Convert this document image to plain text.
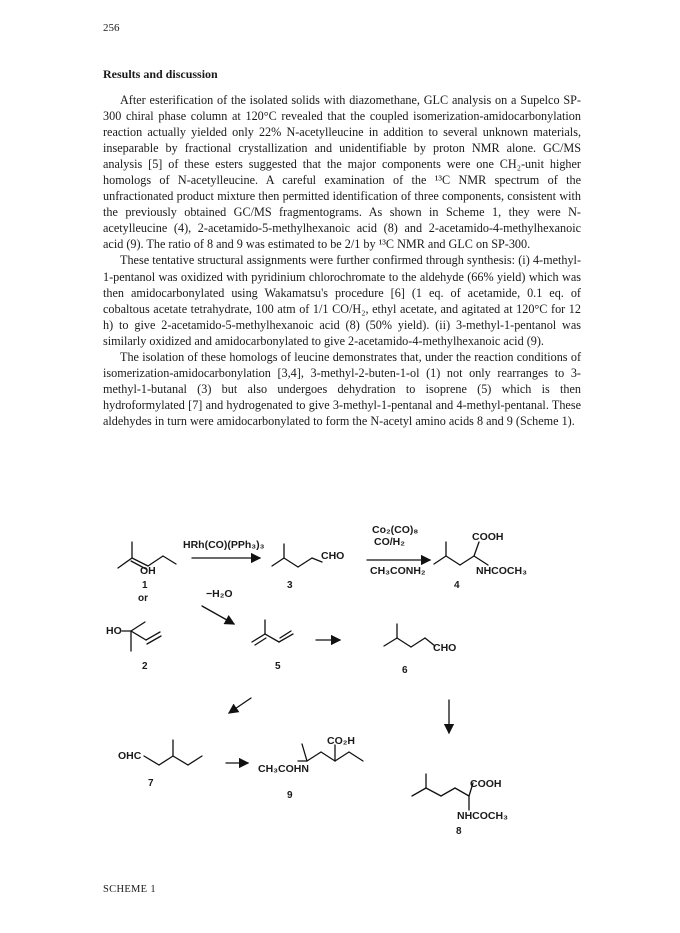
256
Results and discussion

After esterification of the isolated solids with diazomethane, GLC analysis on a Supelco SP-300 chiral phase column at 120°C revealed that the coupled isomerization-amidocarbonylation reaction actually yielded only 22% N-acetylleucine in addition to several unknown materials, inseparable by fractional crystallization and unidentifiable by proton NMR alone. GC/MS analysis [5] of these esters suggested that the major components were one CH₂-unit higher homologs of N-acetylleucine. A careful examination of the ¹³C NMR spectrum of the unfractionated product mixture then permitted identification of three components, consistent with the previously obtained GC/MS fragmentograms. As shown in Scheme 1, they were N-acetylleucine (4), 2-acetamido-5-methylhexanoic acid (8) and 2-acetamido-4-methylhexanoic acid (9). The ratio of 8 and 9 was estimated to be 2/1 by ¹³C NMR and GLC on SP-300.

These tentative structural assignments were further confirmed through synthesis: (i) 4-methyl-1-pentanol was oxidized with pyridinium chlorochromate to the aldehyde (66% yield) which was then amidocarbonylated using Wakamatsu's procedure [6] (1 eq. of acetamide, 0.1 eq. of cobaltous acetate tetrahydrate, 100 atm of 1/1 CO/H₂, ethyl acetate, and agitated at 120°C for 12 h) to give 2-acetamido-5-methylhexanoic acid (8) (50% yield). (ii) 3-methyl-1-pentanol was similarly oxidized and amidocarbonylated to give 2-acetamido-4-methylhexanoic acid (9).

The isolation of these homologs of leucine demonstrates that, under the reaction conditions of isomerization-amidocarbonylation [3,4], 3-methyl-2-buten-1-ol (1) not only rearranges to 3-methyl-1-butanal (3) but also undergoes dehydration to isoprene (5) which is then hydroformylated [7] and hydrogenated to give 3-methyl-1-pentanal and 4-methyl-pentanal. These aldehydes in turn were amidocarbonylated to form the N-acetyl amino acids 8 and 9 (Scheme 1).

HRh(CO)(PPh₃)₃
OH
CHO
Co₂(CO)₈
CO/H₂
CH₃CONH₂
COOH
NHCOCH₃
−H₂O
HO
CHO
OHC
CO₂H
CH₃COHN
COOH
NHCOCH₃
1
or
3	4
2	5	6
7
9
8
SCHEME 1
